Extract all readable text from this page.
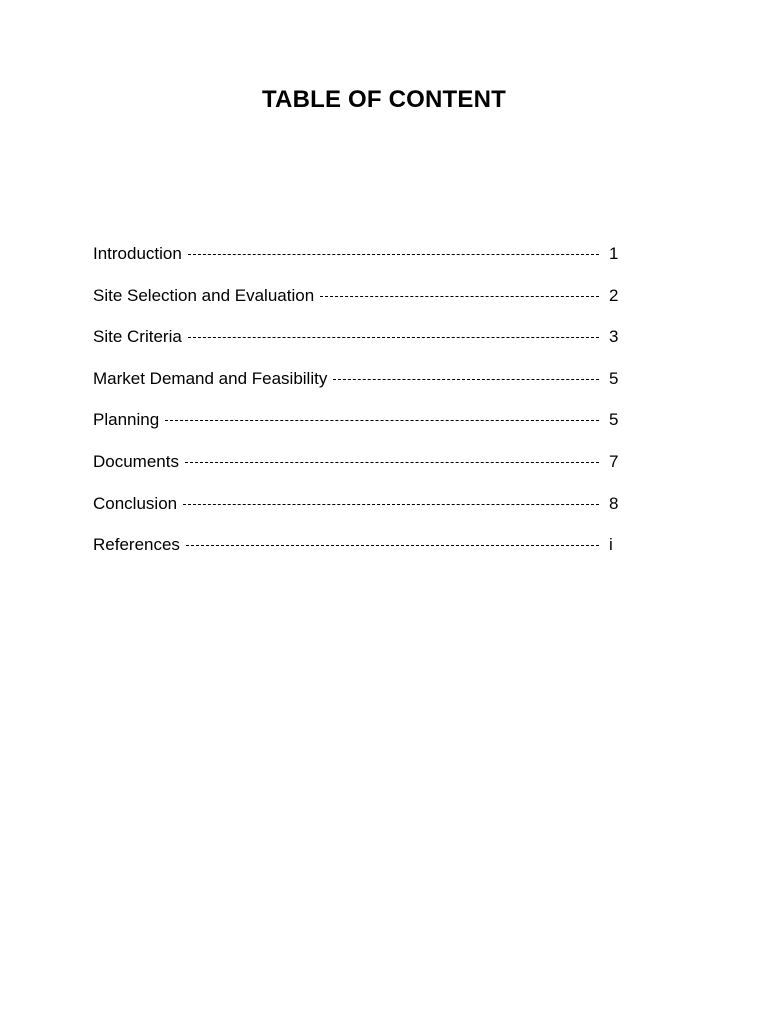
TABLE OF CONTENT
Introduction	1
Site Selection and Evaluation	2
Site Criteria	3
Market Demand and Feasibility	5
Planning	5
Documents	7
Conclusion	8
References	i
